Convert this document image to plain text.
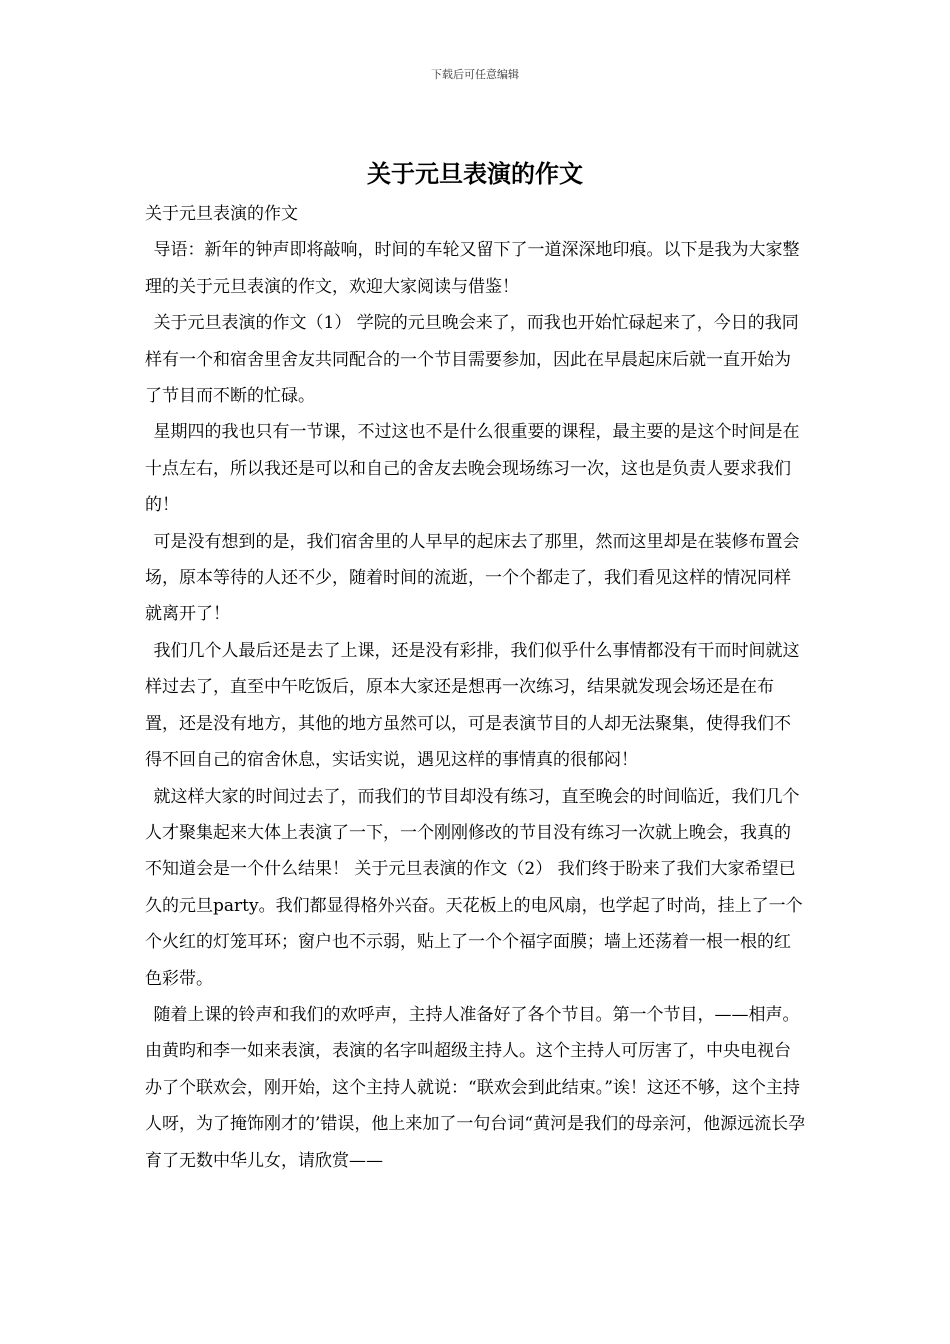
下载后可任意编辑
关于元旦表演的作文

关于元旦表演的作文

导语：新年的钟声即将敲响，时间的车轮又留下了一道深深地印痕。以下是我为大家整理的关于元旦表演的作文，欢迎大家阅读与借鉴！

关于元旦表演的作文（1） 学院的元旦晚会来了，而我也开始忙碌起来了，今日的我同样有一个和宿舍里舍友共同配合的一个节目需要参加，因此在早晨起床后就一直开始为了节目而不断的忙碌。

星期四的我也只有一节课，不过这也不是什么很重要的课程，最主要的是这个时间是在十点左右，所以我还是可以和自己的舍友去晚会现场练习一次，这也是负责人要求我们的！

可是没有想到的是，我们宿舍里的人早早的起床去了那里，然而这里却是在装修布置会场，原本等待的人还不少，随着时间的流逝，一个个都走了，我们看见这样的情况同样就离开了！

我们几个人最后还是去了上课，还是没有彩排，我们似乎什么事情都没有干而时间就这样过去了，直至中午吃饭后，原本大家还是想再一次练习，结果就发现会场还是在布置，还是没有地方，其他的地方虽然可以，可是表演节目的人却无法聚集，使得我们不得不回自己的宿舍休息，实话实说，遇见这样的事情真的很郁闷！

就这样大家的时间过去了，而我们的节目却没有练习，直至晚会的时间临近，我们几个人才聚集起来大体上表演了一下，一个刚刚修改的节目没有练习一次就上晚会，我真的不知道会是一个什么结果！ 关于元旦表演的作文（2） 我们终于盼来了我们大家希望已久的元旦party。我们都显得格外兴奋。天花板上的电风扇，也学起了时尚，挂上了一个个火红的灯笼耳环；窗户也不示弱，贴上了一个个福字面膜；墙上还荡着一根一根的红色彩带。

随着上课的铃声和我们的欢呼声，主持人准备好了各个节目。第一个节目，——相声。由黄昀和李一如来表演，表演的名字叫超级主持人。这个主持人可厉害了，中央电视台办了个联欢会，刚开始，这个主持人就说：“联欢会到此结束。”诶！这还不够，这个主持人呀，为了掩饰刚才的’错误，他上来加了一句台词“黄河是我们的母亲河，他源远流长孕育了无数中华儿女，请欣赏——
